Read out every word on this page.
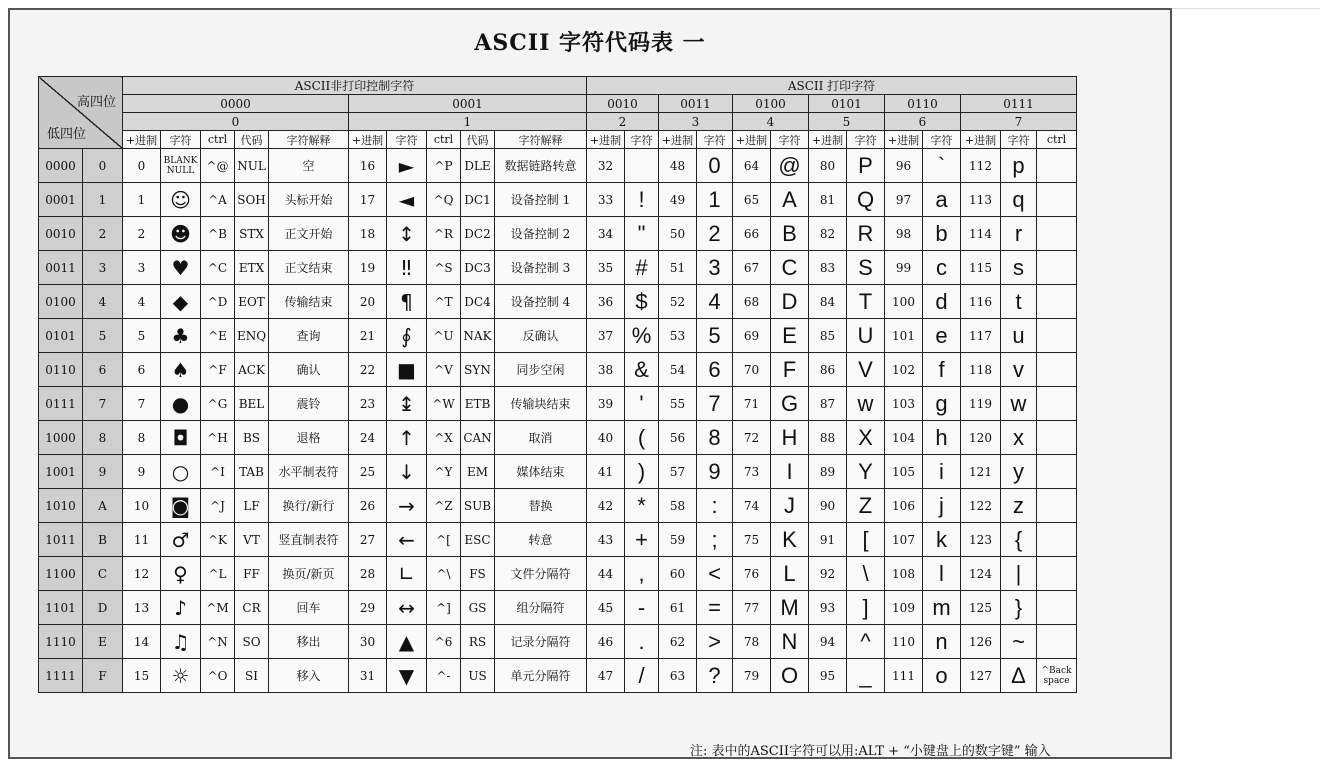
ASCII 字符代码表 一
高四位
低四位		ASCII非打印控制字符										ASCII 打印字符												
		0000					0001					0010		0011		0100		0101		0110		0111		
		0					1					2		3		4		5		6		7		
		+进制	字符	ctrl	代码	字符解释	+进制	字符	ctrl	代码	字符解释	+进制	字符	+进制	字符	+进制	字符	+进制	字符	+进制	字符	+进制	字符	ctrl
0000	0	0	BLANK NULL	^@	NUL	空	16	►	^P	DLE	数据链路转意	32		48	0	64	@	80	P	96	`	112	p	
0001	1	1	☺	^A	SOH	头标开始	17	◄	^Q	DC1	设备控制 1	33	!	49	1	65	A	81	Q	97	a	113	q	
0010	2	2	☻	^B	STX	正文开始	18	↕	^R	DC2	设备控制 2	34	"	50	2	66	B	82	R	98	b	114	r	
0011	3	3	♥	^C	ETX	正文结束	19	‼	^S	DC3	设备控制 3	35	#	51	3	67	C	83	S	99	c	115	s	
0100	4	4	◆	^D	EOT	传输结束	20	¶	^T	DC4	设备控制 4	36	$	52	4	68	D	84	T	100	d	116	t	
0101	5	5	♣	^E	ENQ	查询	21	∮	^U	NAK	反确认	37	%	53	5	69	E	85	U	101	e	117	u	
0110	6	6	♠	^F	ACK	确认	22	■	^V	SYN	同步空闲	38	&	54	6	70	F	86	V	102	f	118	v	
0111	7	7	●	^G	BEL	震铃	23	↨	^W	ETB	传输块结束	39	'	55	7	71	G	87	w	103	g	119	w	
1000	8	8	◘	^H	BS	退格	24	↑	^X	CAN	取消	40	(	56	8	72	H	88	X	104	h	120	x	
1001	9	9	○	^I	TAB	水平制表符	25	↓	^Y	EM	媒体结束	41	)	57	9	73	I	89	Y	105	i	121	y	
1010	A	10	◙	^J	LF	换行/新行	26	→	^Z	SUB	替换	42	*	58	:	74	J	90	Z	106	j	122	z	
1011	B	11	♂	^K	VT	竖直制表符	27	←	^[	ESC	转意	43	+	59	;	75	K	91	[	107	k	123	{	
1100	C	12	♀	^L	FF	换页/新页	28	∟	^\	FS	文件分隔符	44	,	60	<	76	L	92	\	108	l	124	|	
1101	D	13	♪	^M	CR	回车	29	↔	^]	GS	组分隔符	45	-	61	=	77	M	93	]	109	m	125	}	
1110	E	14	♫	^N	SO	移出	30	▲	^6	RS	记录分隔符	46	.	62	>	78	N	94	^	110	n	126	~	
1111	F	15	☼	^O	SI	移入	31	▼	^-	US	单元分隔符	47	/	63	?	79	O	95	_	111	o	127	Δ	^Back space
注: 表中的ASCII字符可以用:ALT + “小键盘上的数字键” 输入
